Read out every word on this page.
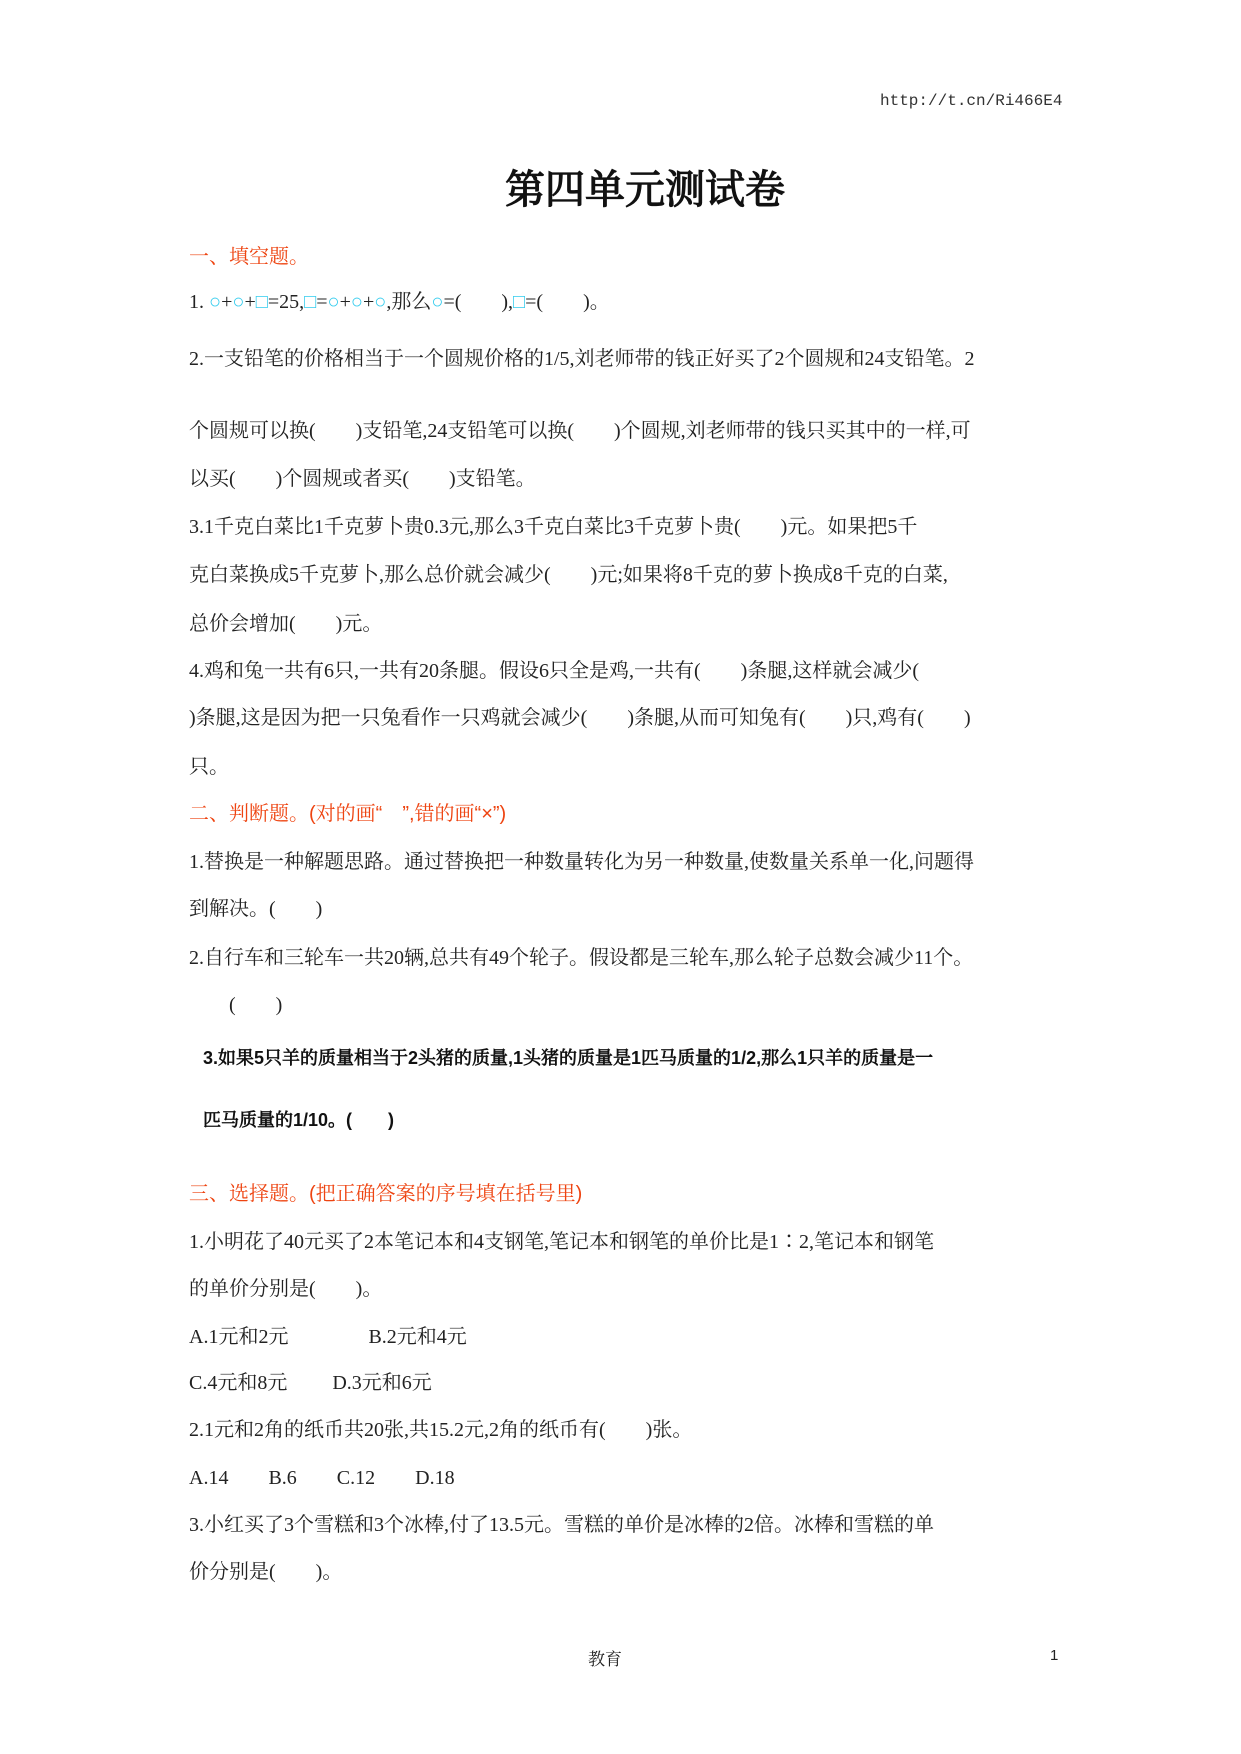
http://t.cn/Ri466E4
第四单元测试卷
一、填空题。
1. ○+○+□=25,□=○+○+○,那么○=(　　),□=(　　)。
2.一支铅笔的价格相当于一个圆规价格的1/5,刘老师带的钱正好买了2个圆规和24支铅笔。2
个圆规可以换(　　)支铅笔,24支铅笔可以换(　　)个圆规,刘老师带的钱只买其中的一样,可
以买(　　)个圆规或者买(　　)支铅笔。
3.1千克白菜比1千克萝卜贵0.3元,那么3千克白菜比3千克萝卜贵(　　)元。如果把5千
克白菜换成5千克萝卜,那么总价就会减少(　　)元;如果将8千克的萝卜换成8千克的白菜,
总价会增加(　　)元。
4.鸡和兔一共有6只,一共有20条腿。假设6只全是鸡,一共有(　　)条腿,这样就会减少(
)条腿,这是因为把一只兔看作一只鸡就会减少(　　)条腿,从而可知兔有(　　)只,鸡有(　　)
只。
二、判断题。(对的画“　”,错的画“×”)
1.替换是一种解题思路。通过替换把一种数量转化为另一种数量,使数量关系单一化,问题得
到解决。(　　)
2.自行车和三轮车一共20辆,总共有49个轮子。假设都是三轮车,那么轮子总数会减少11个。
　　(　　)
3.如果5只羊的质量相当于2头猪的质量,1头猪的质量是1匹马质量的1/2,那么1只羊的质量是一
匹马质量的1/10。(　　)
三、选择题。(把正确答案的序号填在括号里)
1.小明花了40元买了2本笔记本和4支钢笔,笔记本和钢笔的单价比是1∶2,笔记本和钢笔
的单价分别是(　　)。
A.1元和2元　　　　B.2元和4元
C.4元和8元　　 D.3元和6元
2.1元和2角的纸币共20张,共15.2元,2角的纸币有(　　)张。
A.14　　B.6　　C.12　　D.18
3.小红买了3个雪糕和3个冰棒,付了13.5元。雪糕的单价是冰棒的2倍。冰棒和雪糕的单
价分别是(　　)。
教育	1
